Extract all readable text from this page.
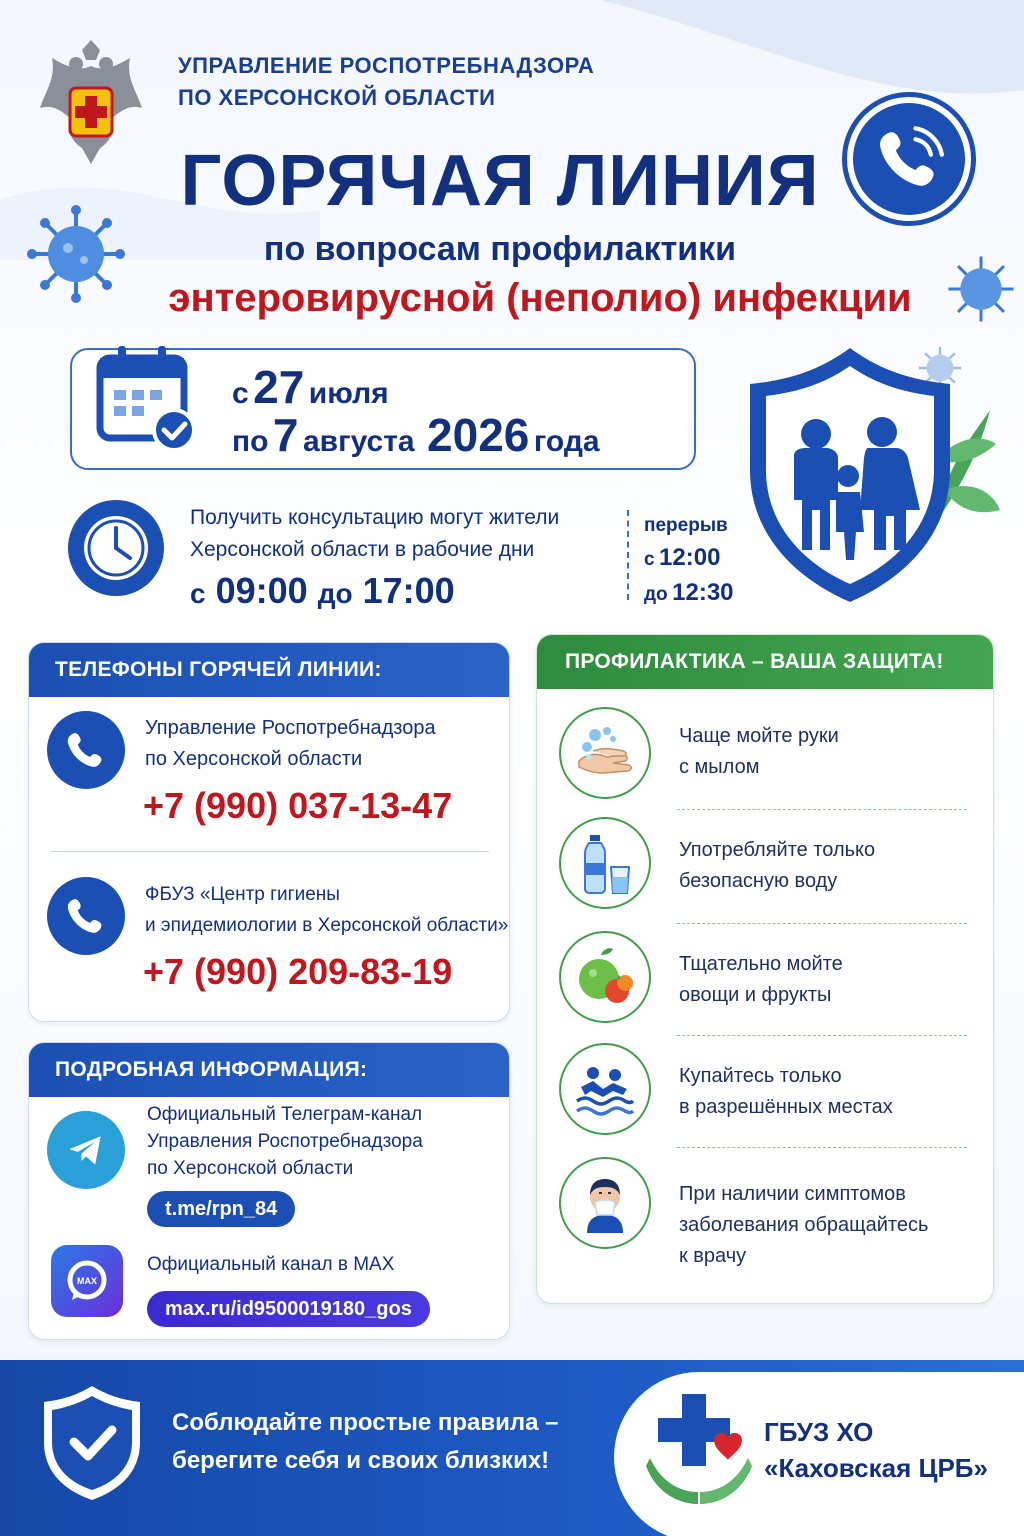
УПРАВЛЕНИЕ РОСПОТРЕБНАДЗОРА
ПО ХЕРСОНСКОЙ ОБЛАСТИ
ГОРЯЧАЯ ЛИНИЯ
по вопросам профилактики
энтеровирусной (неполио) инфекции
с 27 июля
по 7 августа 2026 года
Получить консультацию могут жители
Херсонской области в рабочие дни
с 09:00 до 17:00
перерыв
с 12:00
до 12:30
ТЕЛЕФОНЫ ГОРЯЧЕЙ ЛИНИИ:
Управление Роспотребнадзора
по Херсонской области
+7 (990) 037-13-47
ФБУЗ «Центр гигиены
и эпидемиологии в Херсонской области»
+7 (990) 209-83-19
ПОДРОБНАЯ ИНФОРМАЦИЯ:
Официальный Телеграм-канал
Управления Роспотребнадзора
по Херсонской области
t.me/rpn_84
MAX
Официальный канал в MAX
max.ru/id9500019180_gos
ПРОФИЛАКТИКА – ВАША ЗАЩИТА!
Чаще мойте руки
с мылом
Употребляйте только
безопасную воду
Тщательно мойте
овощи и фрукты
Купайтесь только
в разрешённых местах
При наличии симптомов
заболевания обращайтесь
к врачу
Соблюдайте простые правила –
берегите себя и своих близких!
ГБУЗ ХО
«Каховская ЦРБ»
